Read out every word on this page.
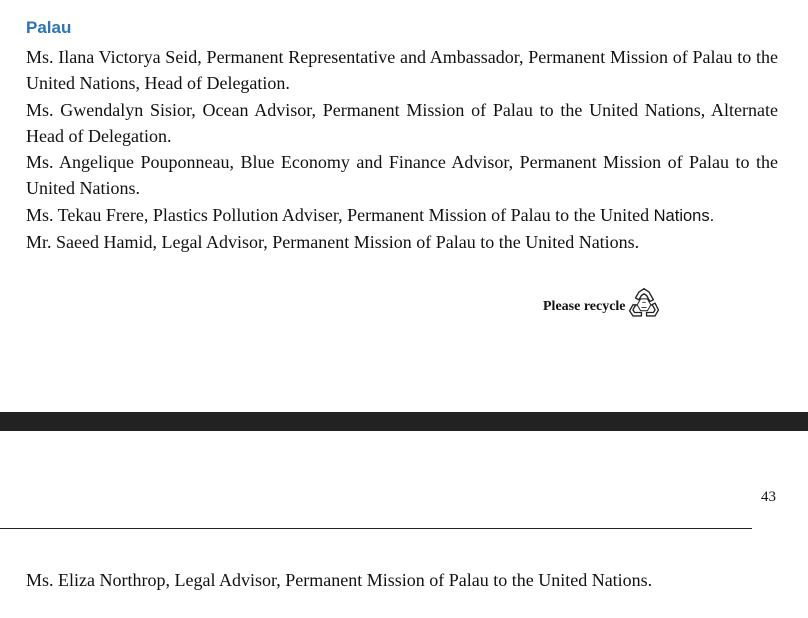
Palau
Ms. Ilana Victorya Seid, Permanent Representative and Ambassador, Permanent Mission of Palau to the United Nations, Head of Delegation.
Ms. Gwendalyn Sisior, Ocean Advisor, Permanent Mission of Palau to the United Nations, Alternate Head of Delegation.
Ms. Angelique Pouponneau, Blue Economy and Finance Advisor, Permanent Mission of Palau to the United Nations.
Ms. Tekau Frere, Plastics Pollution Adviser, Permanent Mission of Palau to the United Nations.
Mr. Saeed Hamid, Legal Advisor, Permanent Mission of Palau to the United Nations.
Please recycle
43

Ms. Eliza Northrop, Legal Advisor, Permanent Mission of Palau to the United Nations.
